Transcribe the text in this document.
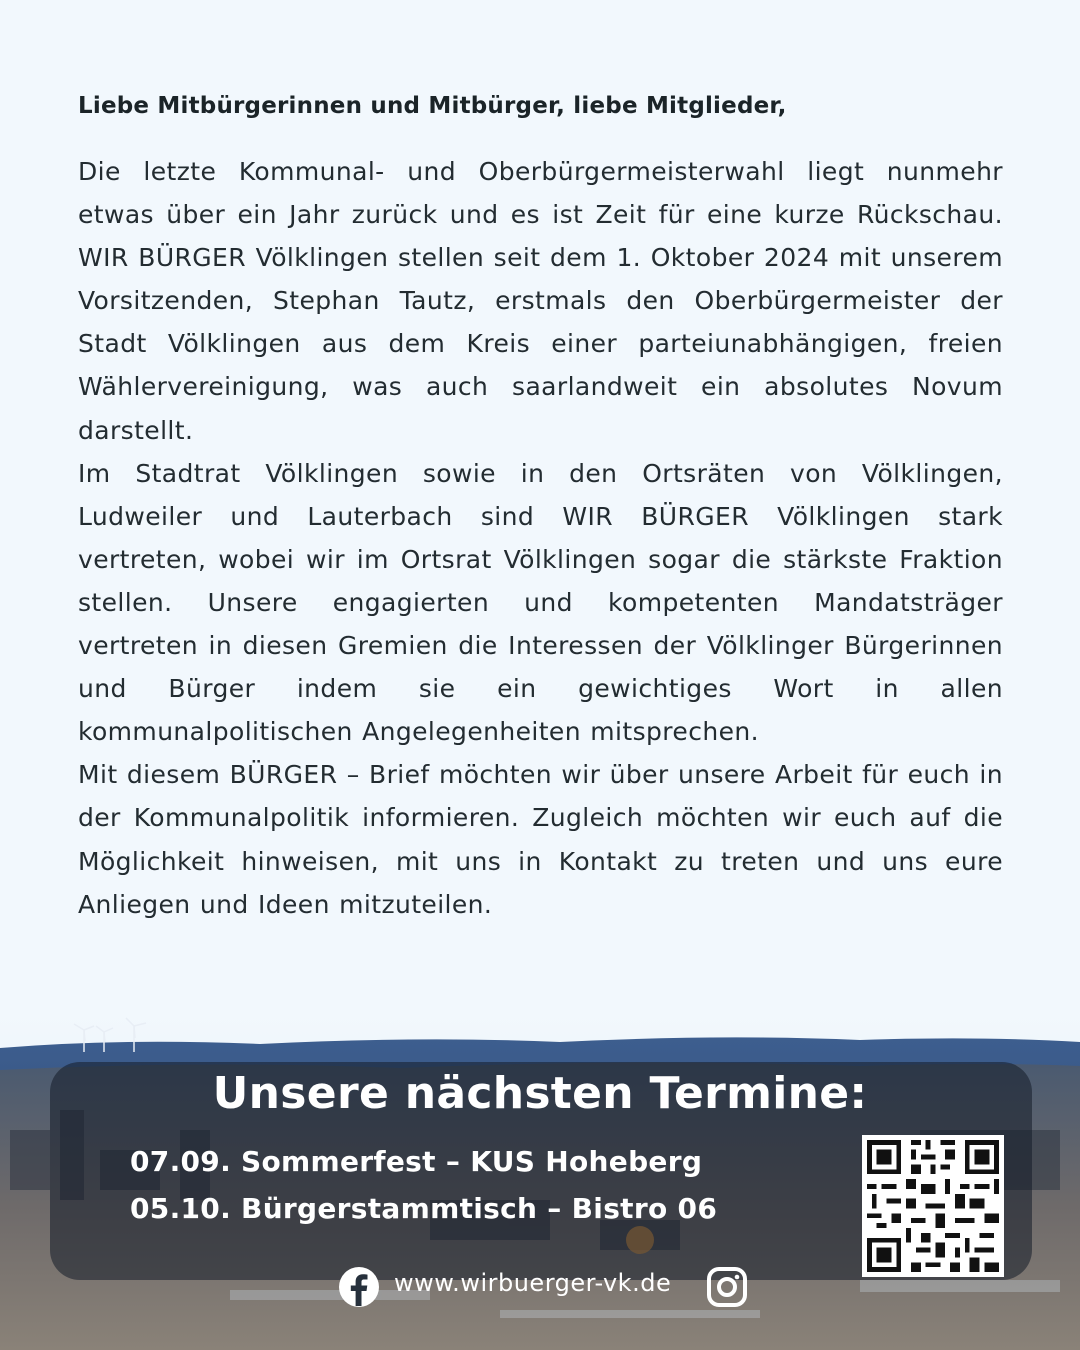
Liebe Mitbürgerinnen und Mitbürger, liebe Mitglieder,

Die letzte Kommunal- und Oberbürgermeisterwahl liegt nunmehr etwas über ein Jahr zurück und es ist Zeit für eine kurze Rückschau. WIR BÜRGER Völklingen stellen seit dem 1. Oktober 2024 mit unserem Vorsitzenden, Stephan Tautz, erstmals den Oberbürgermeister der Stadt Völklingen aus dem Kreis einer parteiunabhängigen, freien Wählervereinigung, was auch saarlandweit ein absolutes Novum darstellt.

Im Stadtrat Völklingen sowie in den Ortsräten von Völklingen, Ludweiler und Lauterbach sind WIR BÜRGER Völklingen stark vertreten, wobei wir im Ortsrat Völklingen sogar die stärkste Fraktion stellen. Unsere engagierten und kompetenten Mandatsträger vertreten in diesen Gremien die Interessen der Völklinger Bürgerinnen und Bürger indem sie ein gewichtiges Wort in allen kommunalpolitischen Angelegenheiten mitsprechen.

Mit diesem BÜRGER – Brief möchten wir über unsere Arbeit für euch in der Kommunalpolitik informieren. Zugleich möchten wir euch auf die Möglichkeit hinweisen, mit uns in Kontakt zu treten und uns eure Anliegen und Ideen mitzuteilen.

Unsere nächsten Termine:
07.09. Sommerfest – KUS Hoheberg
05.10. Bürgerstammtisch – Bistro 06
www.wirbuerger-vk.de
